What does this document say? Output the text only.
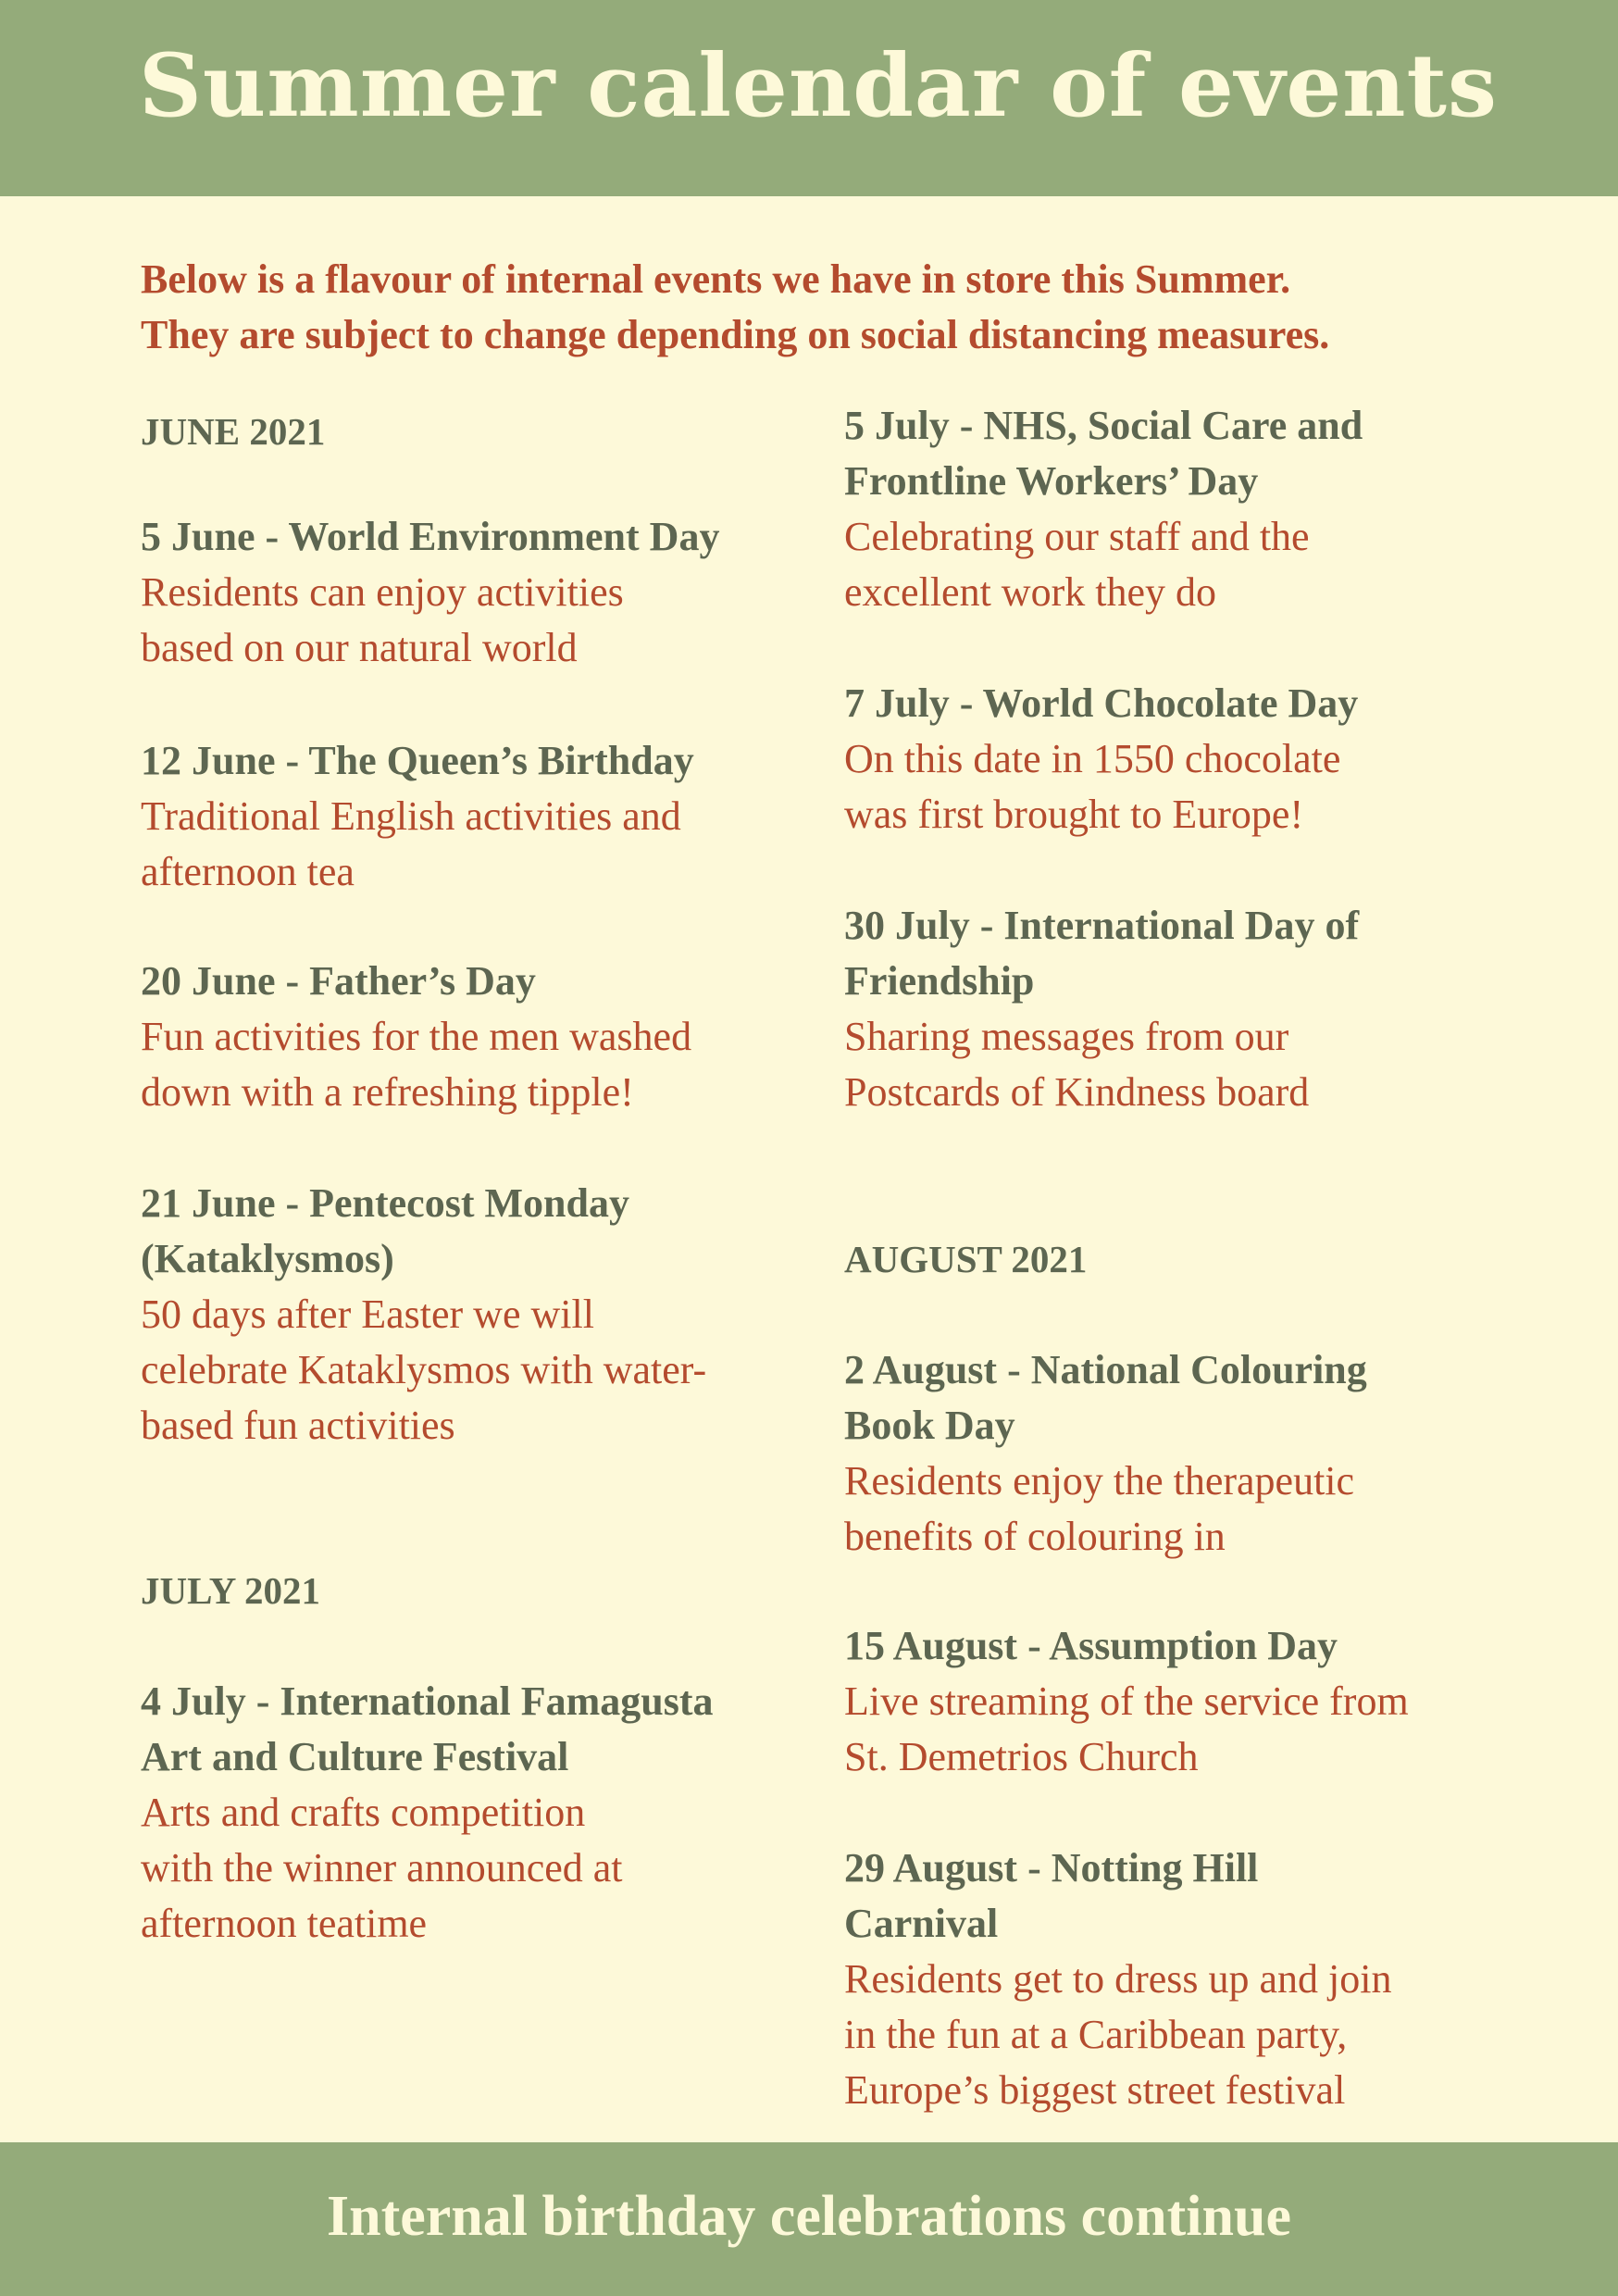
Summer calendar of events
Below is a flavour of internal events we have in store this Summer.
They are subject to change depending on social distancing measures.
JUNE 2021
5 June - World Environment Day
Residents can enjoy activities
based on our natural world
12 June - The Queen’s Birthday
Traditional English activities and
afternoon tea
20 June - Father’s Day
Fun activities for the men washed
down with a refreshing tipple!
21 June - Pentecost Monday
(Kataklysmos)
50 days after Easter we will
celebrate Kataklysmos with water-
based fun activities
JULY 2021
4 July - International Famagusta
Art and Culture Festival
Arts and crafts competition
with the winner announced at
afternoon teatime
5 July - NHS, Social Care and
Frontline Workers’ Day
Celebrating our staff and the
excellent work they do
7 July - World Chocolate Day
On this date in 1550 chocolate
was first brought to Europe!
30 July - International Day of
Friendship
Sharing messages from our
Postcards of Kindness board
AUGUST 2021
2 August - National Colouring
Book Day
Residents enjoy the therapeutic
benefits of colouring in
15 August - Assumption Day
Live streaming of the service from
St. Demetrios Church
29 August - Notting Hill
Carnival
Residents get to dress up and join
in the fun at a Caribbean party,
Europe’s biggest street festival

Internal birthday celebrations continue
